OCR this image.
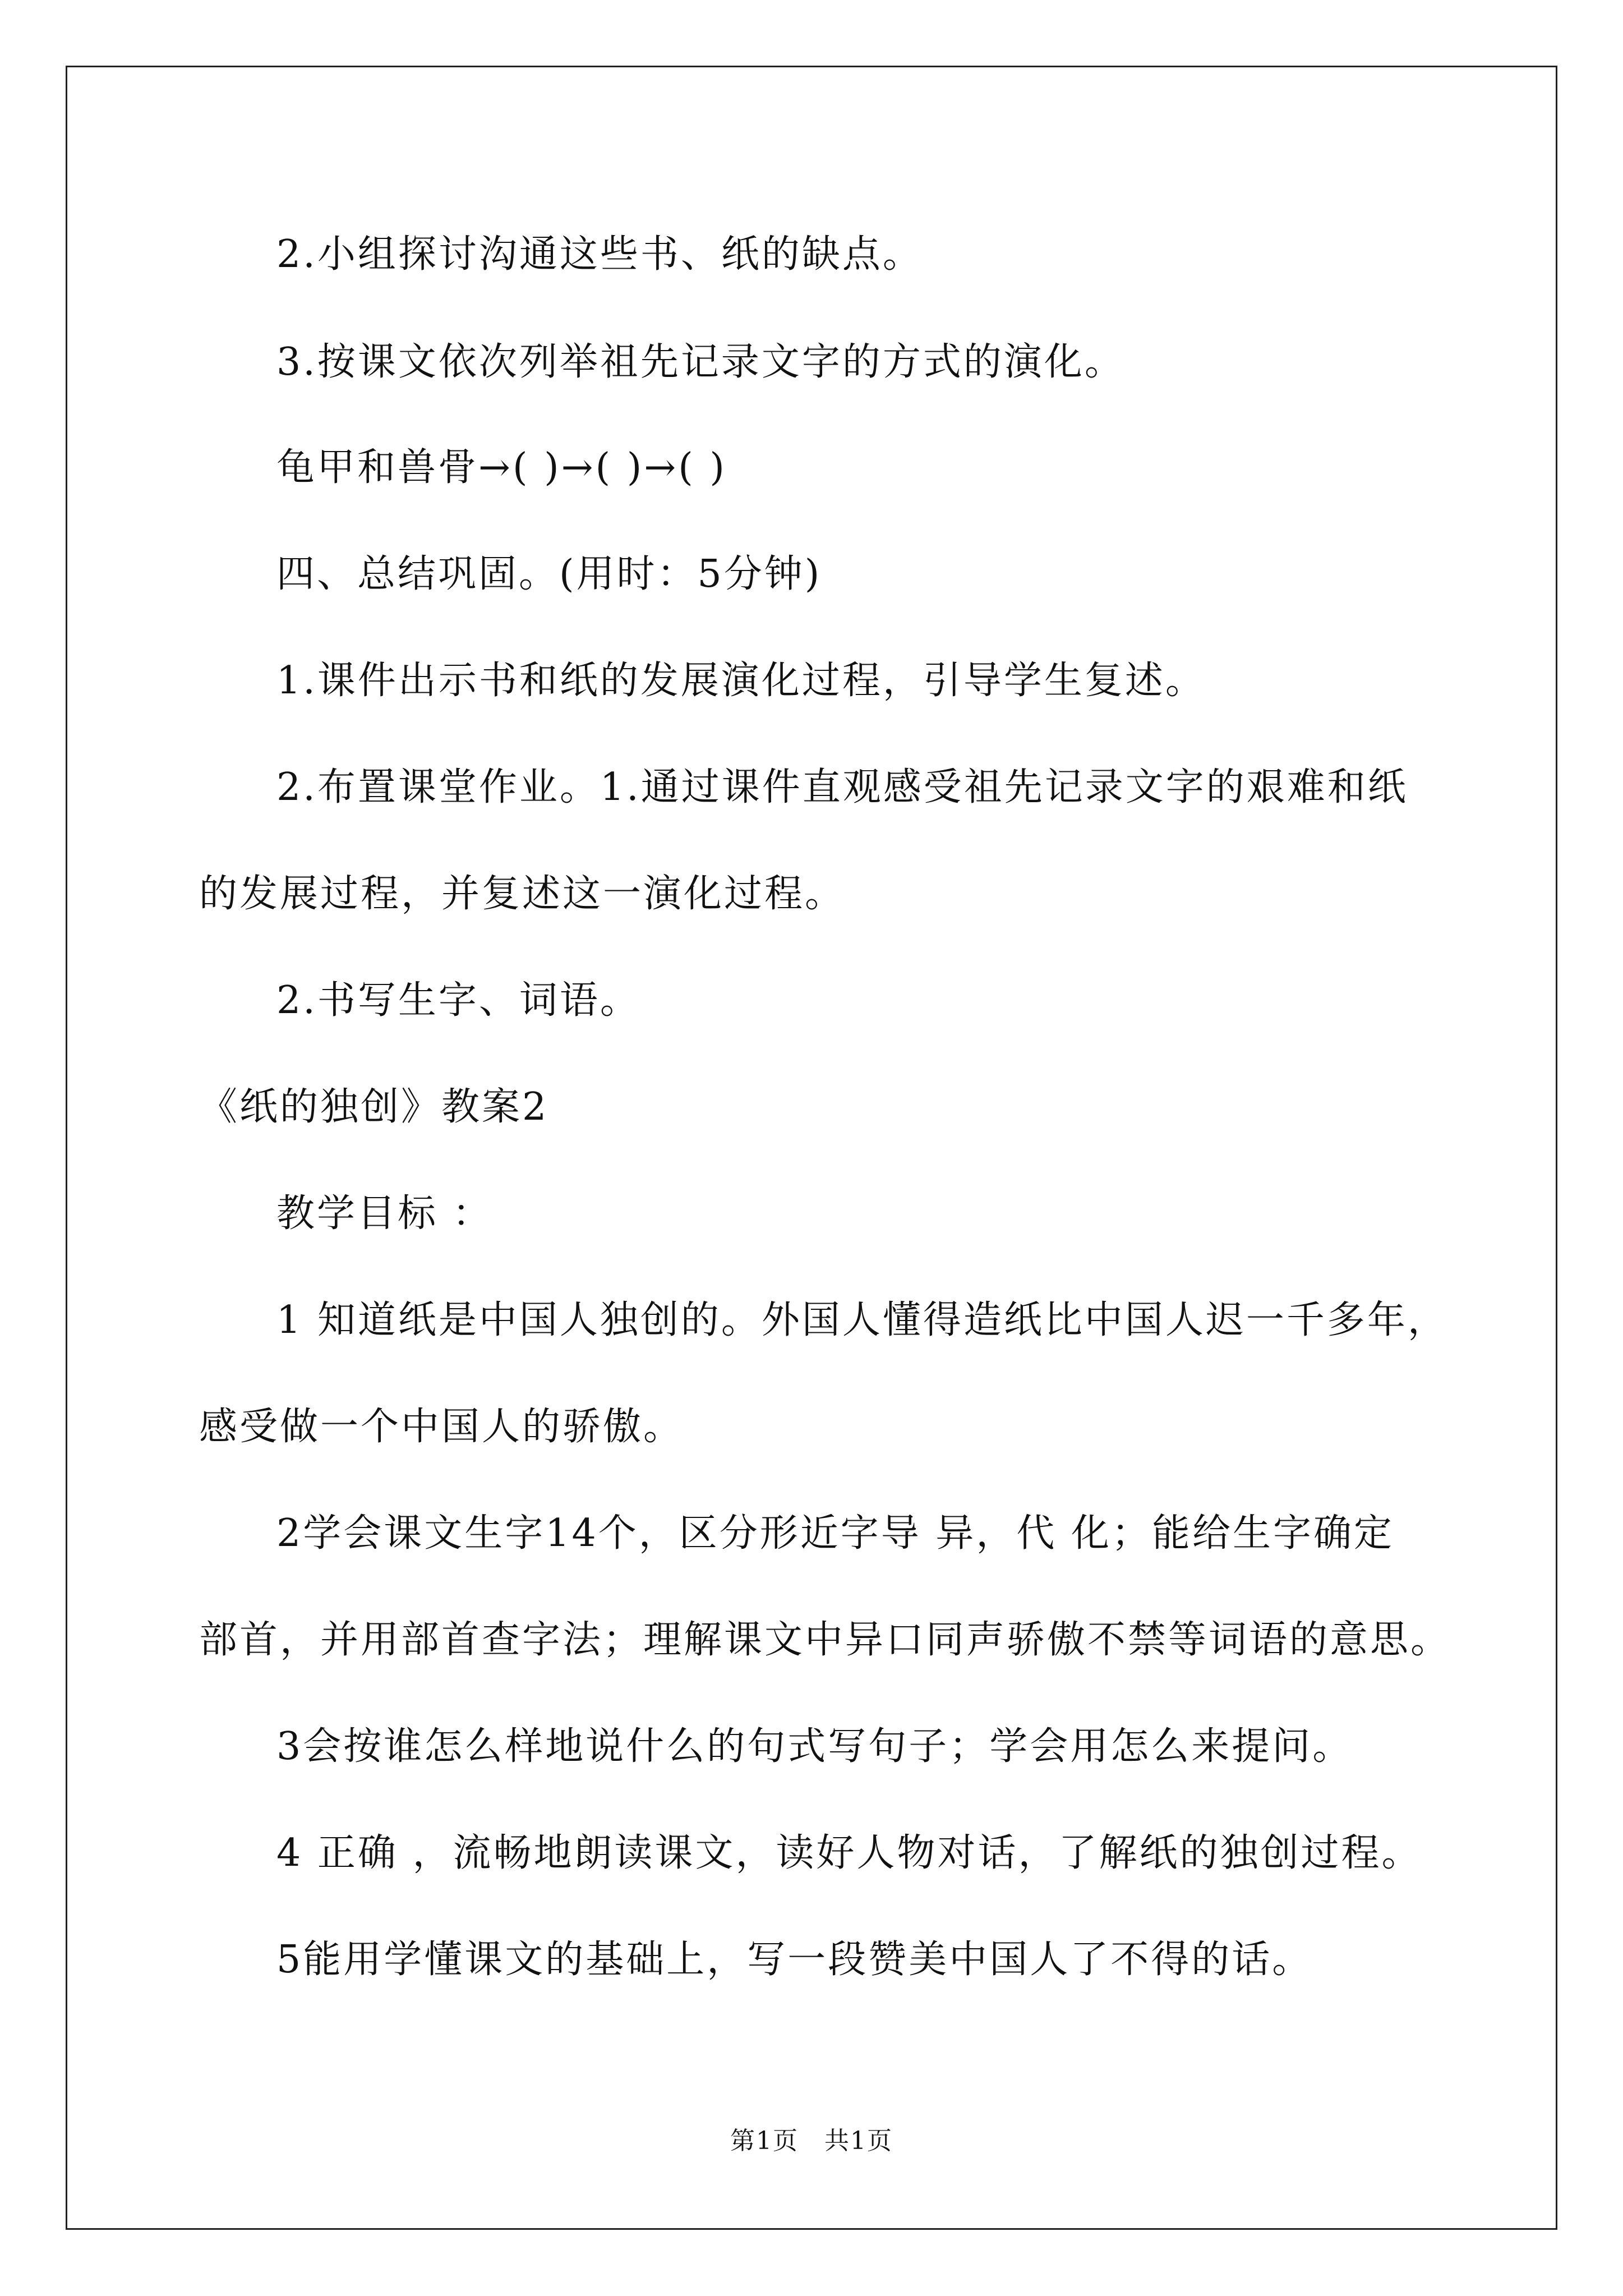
2.小组探讨沟通这些书、纸的缺点。
3.按课文依次列举祖先记录文字的方式的演化。
龟甲和兽骨→( )→( )→( )
四、总结巩固。(用时：5分钟)
1.课件出示书和纸的发展演化过程，引导学生复述。
2.布置课堂作业。1.通过课件直观感受祖先记录文字的艰难和纸
的发展过程，并复述这一演化过程。
2.书写生字、词语。
《纸的独创》教案2
教学目标 ：
1 知道纸是中国人独创的。外国人懂得造纸比中国人迟一千多年，
感受做一个中国人的骄傲。
2学会课文生字14个，区分形近字导 异，代 化；能给生字确定
部首，并用部首查字法；理解课文中异口同声骄傲不禁等词语的意思。
3会按谁怎么样地说什么的句式写句子；学会用怎么来提问。
4 正确 ，流畅地朗读课文，读好人物对话，了解纸的独创过程。
5能用学懂课文的基础上，写一段赞美中国人了不得的话。
第1页　共1页
